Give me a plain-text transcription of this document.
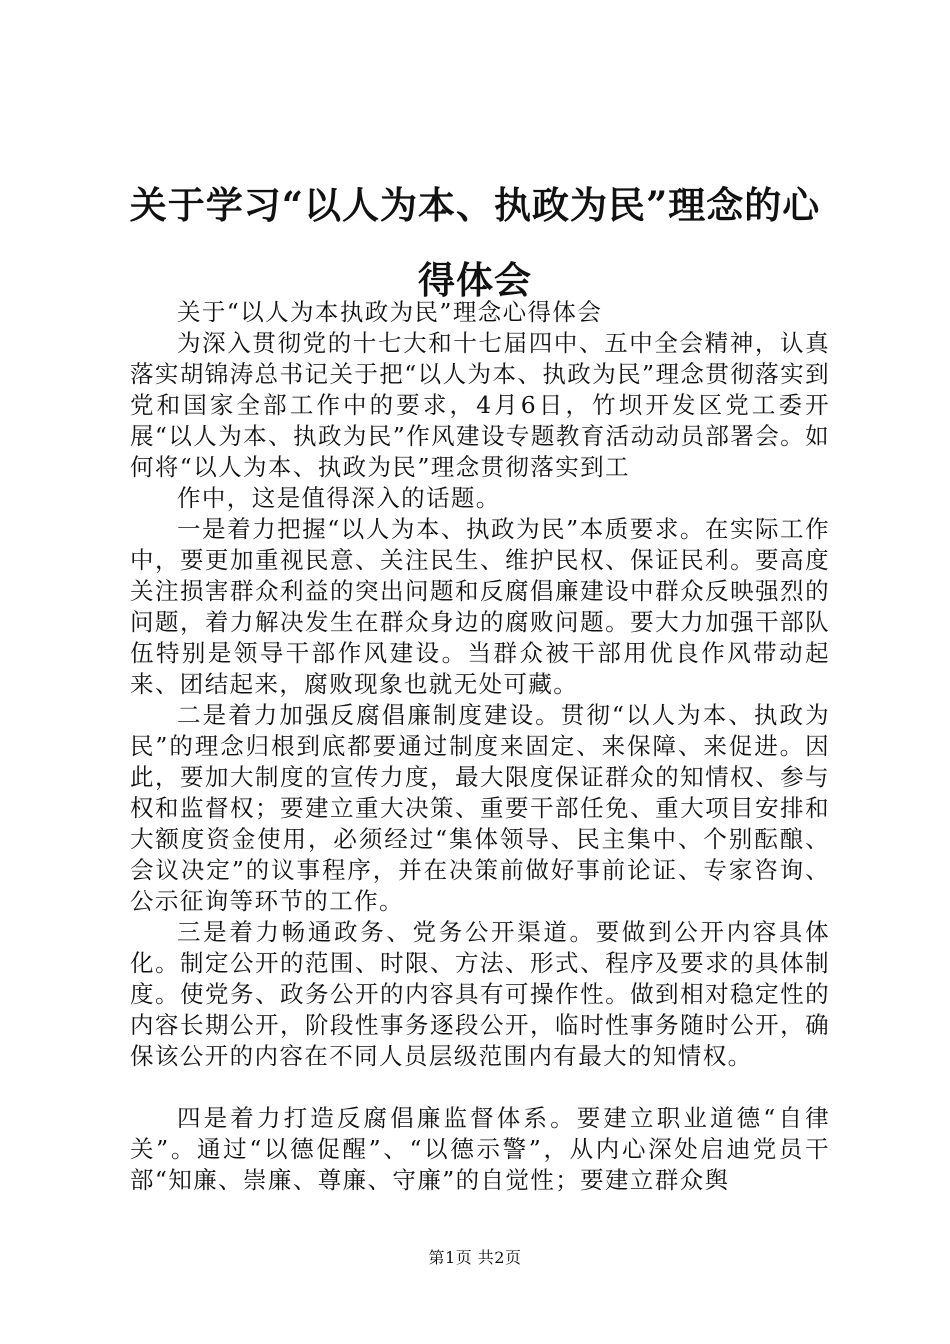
关于学习“以人为本、执政为民”理念的心得体会

关于“以人为本执政为民”理念心得体会

为深入贯彻党的十七大和十七届四中、五中全会精神，认真落实胡锦涛总书记关于把“以人为本、执政为民”理念贯彻落实到党和国家全部工作中的要求，4月6日，竹坝开发区党工委开展“以人为本、执政为民”作风建设专题教育活动动员部署会。如何将“以人为本、执政为民”理念贯彻落实到工

作中，这是值得深入的话题。

一是着力把握“以人为本、执政为民”本质要求。在实际工作中，要更加重视民意、关注民生、维护民权、保证民利。要高度关注损害群众利益的突出问题和反腐倡廉建设中群众反映强烈的问题，着力解决发生在群众身边的腐败问题。要大力加强干部队伍特别是领导干部作风建设。当群众被干部用优良作风带动起来、团结起来，腐败现象也就无处可藏。

二是着力加强反腐倡廉制度建设。贯彻“以人为本、执政为民”的理念归根到底都要通过制度来固定、来保障、来促进。因此，要加大制度的宣传力度，最大限度保证群众的知情权、参与权和监督权；要建立重大决策、重要干部任免、重大项目安排和大额度资金使用，必须经过“集体领导、民主集中、个别酝酿、会议决定”的议事程序，并在决策前做好事前论证、专家咨询、公示征询等环节的工作。

三是着力畅通政务、党务公开渠道。要做到公开内容具体化。制定公开的范围、时限、方法、形式、程序及要求的具体制度。使党务、政务公开的内容具有可操作性。做到相对稳定性的内容长期公开，阶段性事务逐段公开，临时性事务随时公开，确保该公开的内容在不同人员层级范围内有最大的知情权。

四是着力打造反腐倡廉监督体系。要建立职业道德“自律关”。通过“以德促醒”、“以德示警”，从内心深处启迪党员干部“知廉、崇廉、尊廉、守廉”的自觉性；要建立群众舆

第1页 共2页
